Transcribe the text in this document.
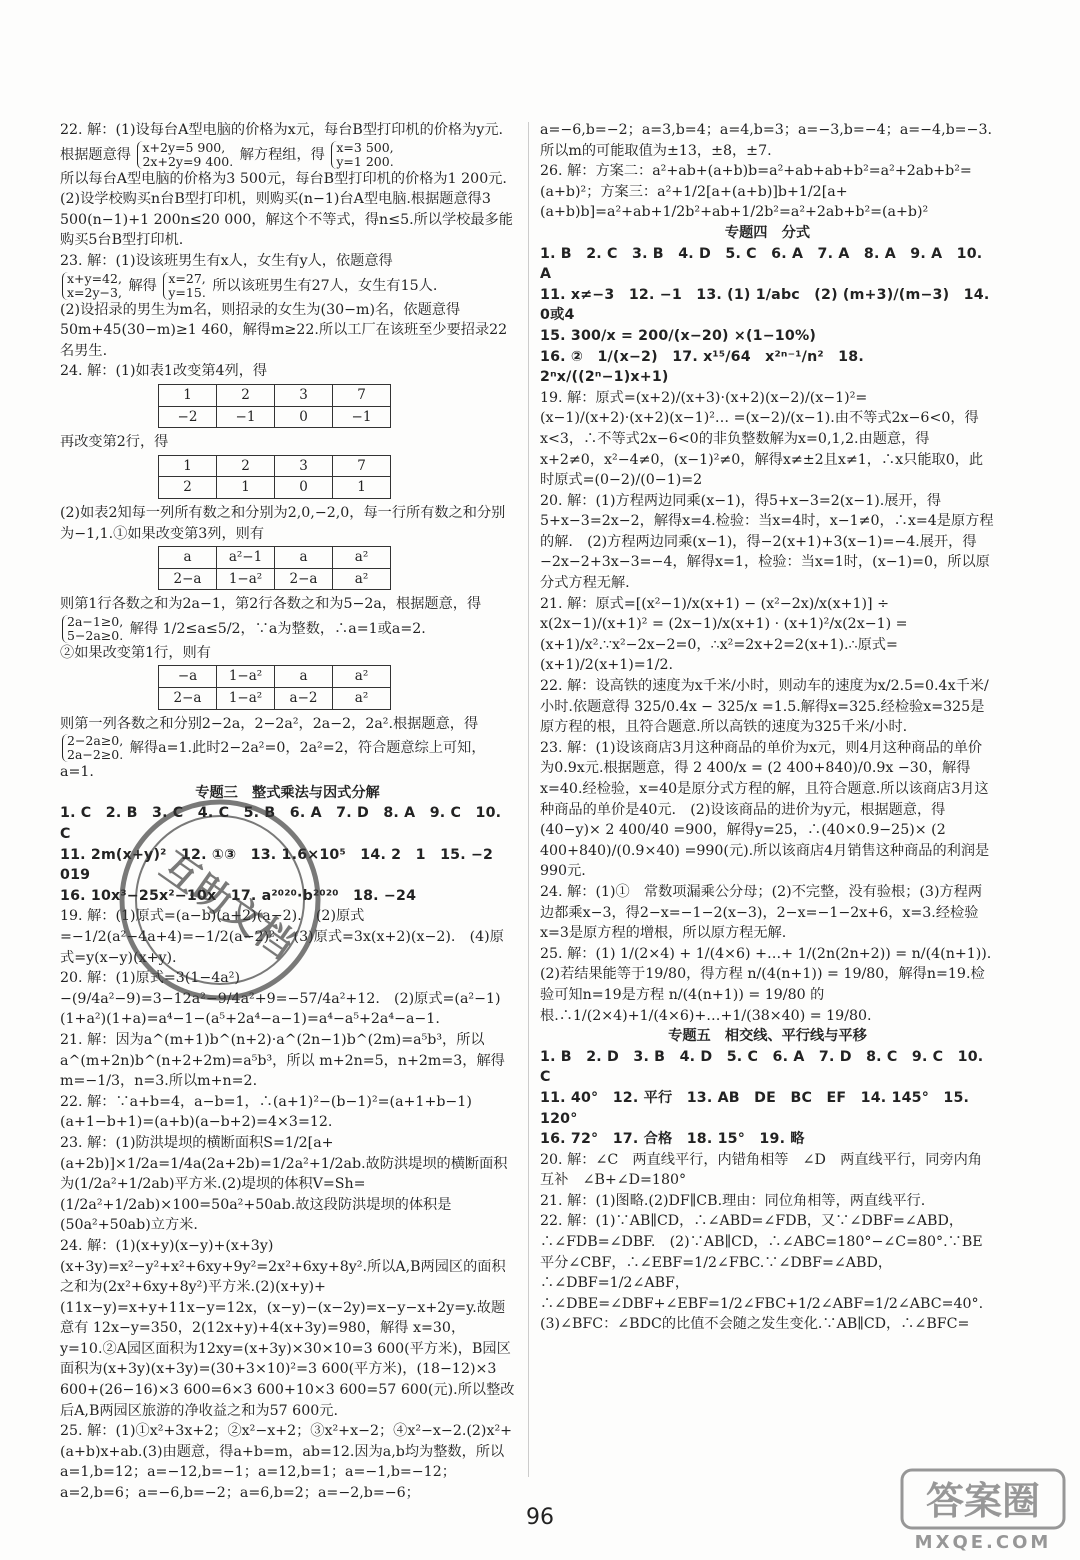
22. 解：(1)设每台A型电脑的价格为x元，每台B型打印机的价格为y元.

根据题意得 x+2y=5 900,
2x+2y=9 400. 解方程组，得 x=3 500,
y=1 200.

所以每台A型电脑的价格为3 500元，每台B型打印机的价格为1 200元.

(2)设学校购买n台B型打印机，则购买(n−1)台A型电脑.根据题意得3 500(n−1)+1 200n≤20 000，解这个不等式，得n≤5.所以学校最多能购买5台B型打印机.

23. 解：(1)设该班男生有x人，女生有y人，依题意得

x+y=42,
x=2y−3, 解得 x=27,
y=15. 所以该班男生有27人，女生有15人.

(2)设招录的男生为m名，则招录的女生为(30−m)名，依题意得50m+45(30−m)≥1 460，解得m≥22.所以工厂在该班至少要招录22名男生.

24. 解：(1)如表1改变第4列，得

1	2	3	7
−2	−1	0	−1

再改变第2行，得

1	2	3	7
2	1	0	1

(2)如表2知每一列所有数之和分别为2,0,−2,0，每一行所有数之和分别为−1,1.①如果改变第3列，则有

a	a²−1	a	a²
2−a	1−a²	2−a	a²

则第1行各数之和为2a−1，第2行各数之和为5−2a，根据题意，得
2a−1≥0,
5−2a≥0. 解得 1/2≤a≤5/2，∵a为整数，∴a=1或a=2.

②如果改变第1行，则有

−a	1−a²	a	a²
2−a	1−a²	a−2	a²

则第一列各数之和分别2−2a，2−2a²，2a−2，2a².根据题意，得
2−2a≥0,
2a−2≥0. 解得a=1.此时2−2a²=0，2a²=2，符合题意综上可知，a=1.

专题三　整式乘法与因式分解

1. C　2. B　3. C　4. C　5. B　6. A　7. D　8. A　9. C　10. C

11. 2m(x+y)²　12. ①③　13. 1.6×10⁵　14. 2　1　15. −2 019

16. 10x³−25x²−10x　17. a²⁰²⁰·b²⁰²⁰　18. −24

19. 解：(1)原式=(a−b)(a+2)(a−2).　(2)原式=−1/2(a²−4a+4)=−1/2(a−2)².　(3)原式=3x(x+2)(x−2).　(4)原式=y(x−y)(x+y).

20. 解：(1)原式=3(1−4a²)−(9/4a²−9)=3−12a²−9/4a²+9=−57/4a²+12.　(2)原式=(a²−1)(1+a²)(1+a)=a⁴−1−(a⁵+2a⁴−a−1)=a⁴−a⁵+2a⁴−a−1.

21. 解：因为a^(m+1)b^(n+2)·a^(2n−1)b^(2m)=a⁵b³，所以a^(m+2n)b^(n+2+2m)=a⁵b³，所以 m+2n=5，n+2m=3，解得 m=−1/3，n=3.所以m+n=2.

22. 解：∵a+b=4，a−b=1，∴(a+1)²−(b−1)²=(a+1+b−1)(a+1−b+1)=(a+b)(a−b+2)=4×3=12.

23. 解：(1)防洪堤坝的横断面积S=1/2[a+(a+2b)]×1/2a=1/4a(2a+2b)=1/2a²+1/2ab.故防洪堤坝的横断面积为(1/2a²+1/2ab)平方米.(2)堤坝的体积V=Sh=(1/2a²+1/2ab)×100=50a²+50ab.故这段防洪堤坝的体积是(50a²+50ab)立方米.

24. 解：(1)(x+y)(x−y)+(x+3y)(x+3y)=x²−y²+x²+6xy+9y²=2x²+6xy+8y².所以A,B两园区的面积之和为(2x²+6xy+8y²)平方米.(2)(x+y)+(11x−y)=x+y+11x−y=12x，(x−y)−(x−2y)=x−y−x+2y=y.故题意有 12x−y=350，2(12x+y)+4(x+3y)=980，解得 x=30，y=10.②A园区面积为12xy=(x+3y)×30×10=3 600(平方米)，B园区面积为(x+3y)(x+3y)=(30+3×10)²=3 600(平方米)，(18−12)×3 600+(26−16)×3 600=6×3 600+10×3 600=57 600(元).所以整改后A,B两园区旅游的净收益之和为57 600元.

25. 解：(1)①x²+3x+2；②x²−x+2；③x²+x−2；④x²−x−2.(2)x²+(a+b)x+ab.(3)由题意，得a+b=m，ab=12.因为a,b均为整数，所以 a=1,b=12；a=−12,b=−1；a=12,b=1；a=−1,b=−12；a=2,b=6；a=−6,b=−2；a=6,b=2；a=−2,b=−6；

a=−6,b=−2；a=3,b=4；a=4,b=3；a=−3,b=−4；a=−4,b=−3.所以m的可能取值为±13，±8，±7.

26. 解：方案二：a²+ab+(a+b)b=a²+ab+ab+b²=a²+2ab+b²=(a+b)²；方案三：a²+1/2[a+(a+b)]b+1/2[a+(a+b)b]=a²+ab+1/2b²+ab+1/2b²=a²+2ab+b²=(a+b)²

专题四　分式

1. B　2. C　3. B　4. D　5. C　6. A　7. A　8. A　9. A　10. A

11. x≠−3　12. −1　13. (1) 1/abc　(2) (m+3)/(m−3)　14. 0或4

15. 300/x = 200/(x−20) ×(1−10%)

16. ②　1/(x−2)　17. x¹⁵/64　x²ⁿ⁻¹/n²　18. 2ⁿx/((2ⁿ−1)x+1)

19. 解：原式=(x+2)/(x+3)·(x+2)(x−2)/(x−1)²=(x−1)/(x+2)·(x+2)(x−1)²… =(x−2)/(x−1).由不等式2x−6<0，得x<3，∴不等式2x−6<0的非负整数解为x=0,1,2.由题意，得 x+2≠0，x²−4≠0，(x−1)²≠0，解得x≠±2且x≠1，∴x只能取0，此时原式=(0−2)/(0−1)=2

20. 解：(1)方程两边同乘(x−1)，得5+x−3=2(x−1).展开，得5+x−3=2x−2，解得x=4.检验：当x=4时，x−1≠0，∴x=4是原方程的解.　(2)方程两边同乘(x−1)，得−2(x+1)+3(x−1)=−4.展开，得−2x−2+3x−3=−4，解得x=1，检验：当x=1时，(x−1)=0，所以原分式方程无解.

21. 解：原式=[(x²−1)/x(x+1) − (x²−2x)/x(x+1)] ÷ x(2x−1)/(x+1)² = (2x−1)/x(x+1) · (x+1)²/x(2x−1) = (x+1)/x².∵x²−2x−2=0，∴x²=2x+2=2(x+1).∴原式=(x+1)/2(x+1)=1/2.

22. 解：设高铁的速度为x千米/小时，则动车的速度为x/2.5=0.4x千米/小时.依题意得 325/0.4x − 325/x =1.5.解得x=325.经检验x=325是原方程的根，且符合题意.所以高铁的速度为325千米/小时.

23. 解：(1)设该商店3月这种商品的单价为x元，则4月这种商品的单价为0.9x元.根据题意，得 2 400/x = (2 400+840)/0.9x −30，解得x=40.经检验，x=40是原分式方程的解，且符合题意.所以该商店3月这种商品的单价是40元.　(2)设该商品的进价为y元，根据题意，得(40−y)× 2 400/40 =900，解得y=25，∴(40×0.9−25)× (2 400+840)/(0.9×40) =990(元).所以该商店4月销售这种商品的利润是990元.

24. 解：(1)①　常数项漏乘公分母；(2)不完整，没有验根；(3)方程两边都乘x−3，得2−x=−1−2(x−3)，2−x=−1−2x+6，x=3.经检验x=3是原方程的增根，所以原方程无解.

25. 解：(1) 1/(2×4) + 1/(4×6) +…+ 1/(2n(2n+2)) = n/(4(n+1)).(2)若结果能等于19/80，得方程 n/(4(n+1)) = 19/80，解得n=19.检验可知n=19是方程 n/(4(n+1)) = 19/80 的根.∴1/(2×4)+1/(4×6)+…+1/(38×40) = 19/80.

专题五　相交线、平行线与平移

1. B　2. D　3. B　4. D　5. C　6. A　7. D　8. C　9. C　10. C

11. 40°　12. 平行　13. AB　DE　BC　EF　14. 145°　15. 120°

16. 72°　17. 合格　18. 15°　19. 略

20. 解：∠C　两直线平行，内错角相等　∠D　两直线平行，同旁内角互补　∠B+∠D=180°

21. 解：(1)图略.(2)DF∥CB.理由：同位角相等，两直线平行.

22. 解：(1)∵AB∥CD，∴∠ABD=∠FDB，又∵∠DBF=∠ABD，∴∠FDB=∠DBF.　(2)∵AB∥CD，∴∠ABC=180°−∠C=80°.∵BE平分∠CBF，∴∠EBF=1/2∠FBC.∵∠DBF=∠ABD，∴∠DBF=1/2∠ABF，∴∠DBE=∠DBF+∠EBF=1/2∠FBC+1/2∠ABF=1/2∠ABC=40°.　(3)∠BFC：∠BDC的比值不会随之发生变化.∵AB∥CD，∴∠BFC=

互
助
文
档
答案圈
MXQE.COM
96
